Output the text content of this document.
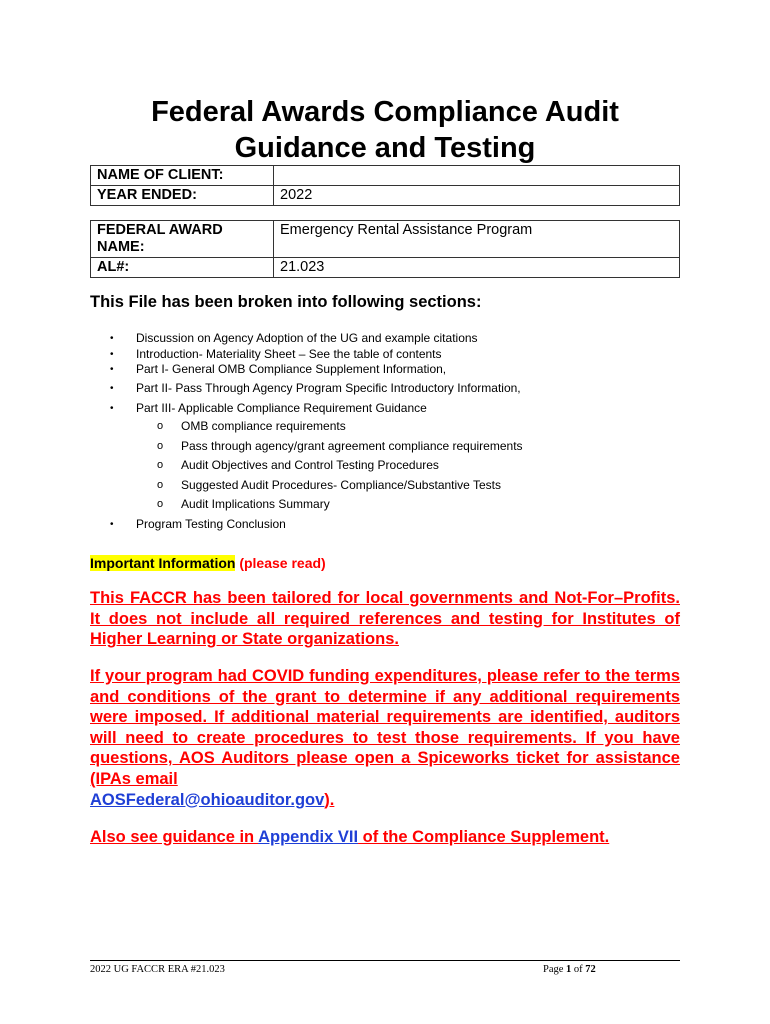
Federal Awards Compliance Audit
Guidance and Testing
NAME OF CLIENT:	
YEAR ENDED:	2022
FEDERAL AWARD NAME:	Emergency Rental Assistance Program
AL#:	21.023
This File has been broken into following sections:
• Discussion on Agency Adoption of the UG and example citations
• Introduction- Materiality Sheet – See the table of contents
• Part I- General OMB Compliance Supplement Information,
• Part II- Pass Through Agency Program Specific Introductory Information,
• Part III- Applicable Compliance Requirement Guidance
o OMB compliance requirements
o Pass through agency/grant agreement compliance requirements
o Audit Objectives and Control Testing Procedures
o Suggested Audit Procedures- Compliance/Substantive Tests
o Audit Implications Summary
• Program Testing Conclusion
Important Information (please read)

This FACCR has been tailored for local governments and Not-For–Profits. It does not include all required references and testing for Institutes of Higher Learning or State organizations.

If your program had COVID funding expenditures, please refer to the terms and conditions of the grant to determine if any additional requirements were imposed. If additional material requirements are identified, auditors will need to create procedures to test those requirements. If you have questions, AOS Auditors please open a Spiceworks ticket for assistance (IPAs email
AOSFederal@ohioauditor.gov).

Also see guidance in Appendix VII of the Compliance Supplement.

2022 UG FACCR ERA #21.023	Page 1 of 72
